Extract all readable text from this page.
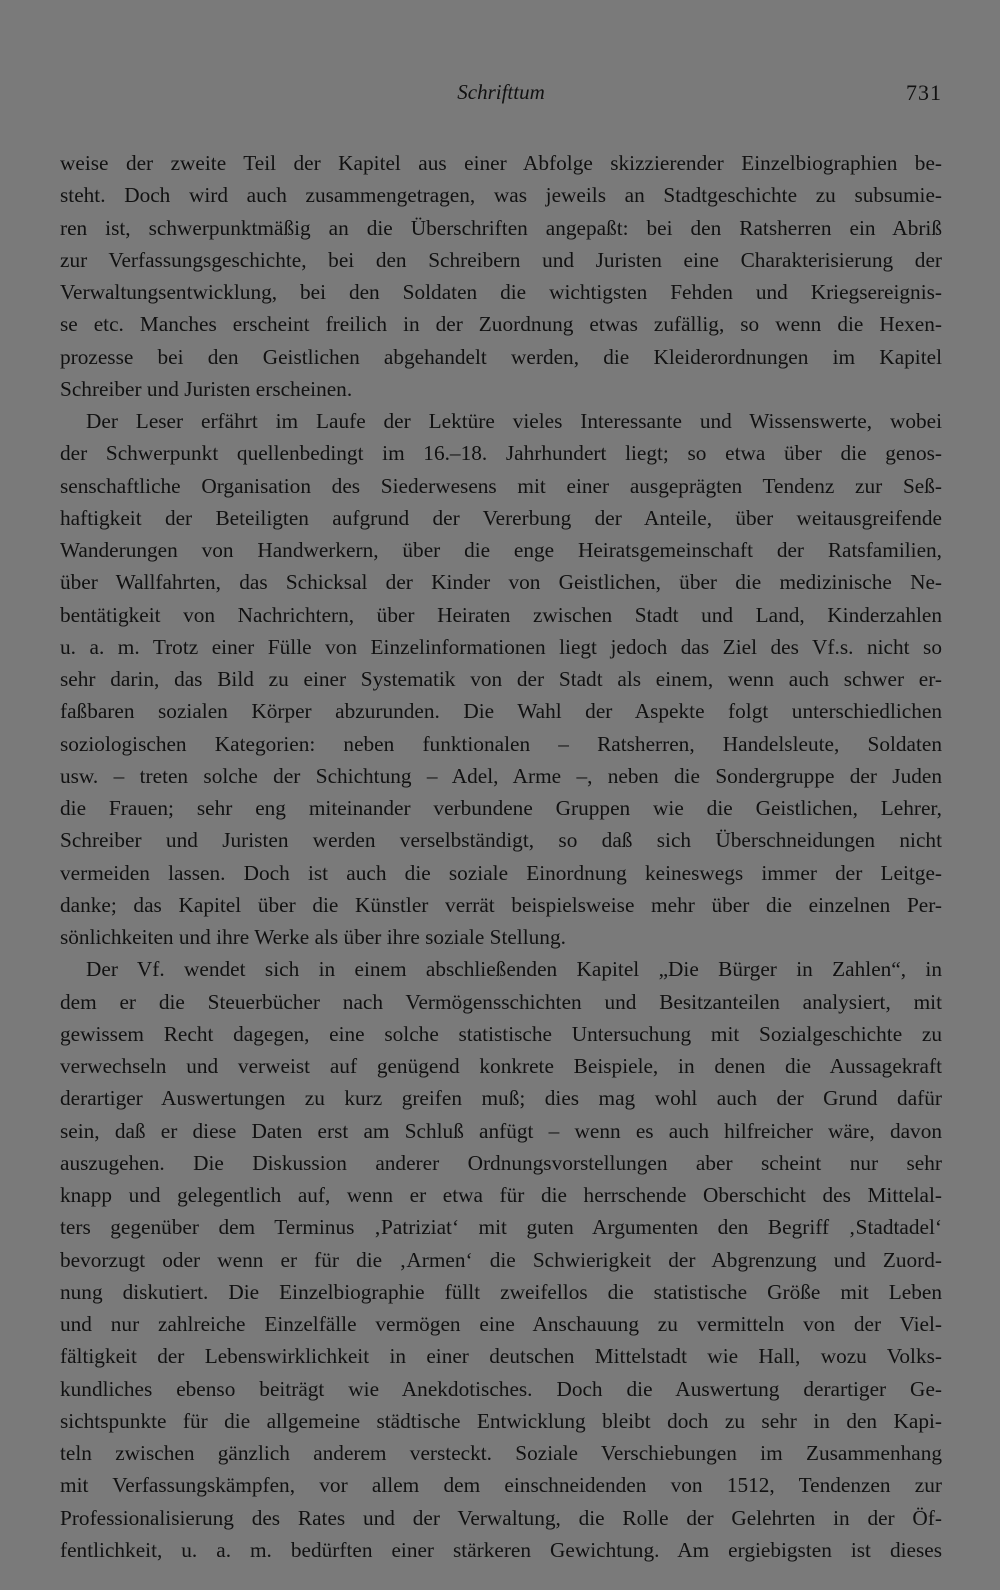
Schrifttum	731
weise der zweite Teil der Kapitel aus einer Abfolge skizzierender Einzelbiographien be-
steht. Doch wird auch zusammengetragen, was jeweils an Stadtgeschichte zu subsumie-
ren ist, schwerpunktmäßig an die Überschriften angepaßt: bei den Ratsherren ein Abriß
zur Verfassungsgeschichte, bei den Schreibern und Juristen eine Charakterisierung der
Verwaltungsentwicklung, bei den Soldaten die wichtigsten Fehden und Kriegsereignis-
se etc. Manches erscheint freilich in der Zuordnung etwas zufällig, so wenn die Hexen-
prozesse bei den Geistlichen abgehandelt werden, die Kleiderordnungen im Kapitel
Schreiber und Juristen erscheinen.
Der Leser erfährt im Laufe der Lektüre vieles Interessante und Wissenswerte, wobei
der Schwerpunkt quellenbedingt im 16.–18. Jahrhundert liegt; so etwa über die genos-
senschaftliche Organisation des Siederwesens mit einer ausgeprägten Tendenz zur Seß-
haftigkeit der Beteiligten aufgrund der Vererbung der Anteile, über weitausgreifende
Wanderungen von Handwerkern, über die enge Heiratsgemeinschaft der Ratsfamilien,
über Wallfahrten, das Schicksal der Kinder von Geistlichen, über die medizinische Ne-
bentätigkeit von Nachrichtern, über Heiraten zwischen Stadt und Land, Kinderzahlen
u. a. m. Trotz einer Fülle von Einzelinformationen liegt jedoch das Ziel des Vf.s. nicht so
sehr darin, das Bild zu einer Systematik von der Stadt als einem, wenn auch schwer er-
faßbaren sozialen Körper abzurunden. Die Wahl der Aspekte folgt unterschiedlichen
soziologischen Kategorien: neben funktionalen – Ratsherren, Handelsleute, Soldaten
usw. – treten solche der Schichtung – Adel, Arme –, neben die Sondergruppe der Juden
die Frauen; sehr eng miteinander verbundene Gruppen wie die Geistlichen, Lehrer,
Schreiber und Juristen werden verselbständigt, so daß sich Überschneidungen nicht
vermeiden lassen. Doch ist auch die soziale Einordnung keineswegs immer der Leitge-
danke; das Kapitel über die Künstler verrät beispielsweise mehr über die einzelnen Per-
sönlichkeiten und ihre Werke als über ihre soziale Stellung.
Der Vf. wendet sich in einem abschließenden Kapitel „Die Bürger in Zahlen“, in
dem er die Steuerbücher nach Vermögensschichten und Besitzanteilen analysiert, mit
gewissem Recht dagegen, eine solche statistische Untersuchung mit Sozialgeschichte zu
verwechseln und verweist auf genügend konkrete Beispiele, in denen die Aussagekraft
derartiger Auswertungen zu kurz greifen muß; dies mag wohl auch der Grund dafür
sein, daß er diese Daten erst am Schluß anfügt – wenn es auch hilfreicher wäre, davon
auszugehen. Die Diskussion anderer Ordnungsvorstellungen aber scheint nur sehr
knapp und gelegentlich auf, wenn er etwa für die herrschende Oberschicht des Mittelal-
ters gegenüber dem Terminus ‚Patriziat‘ mit guten Argumenten den Begriff ‚Stadtadel‘
bevorzugt oder wenn er für die ‚Armen‘ die Schwierigkeit der Abgrenzung und Zuord-
nung diskutiert. Die Einzelbiographie füllt zweifellos die statistische Größe mit Leben
und nur zahlreiche Einzelfälle vermögen eine Anschauung zu vermitteln von der Viel-
fältigkeit der Lebenswirklichkeit in einer deutschen Mittelstadt wie Hall, wozu Volks-
kundliches ebenso beiträgt wie Anekdotisches. Doch die Auswertung derartiger Ge-
sichtspunkte für die allgemeine städtische Entwicklung bleibt doch zu sehr in den Kapi-
teln zwischen gänzlich anderem versteckt. Soziale Verschiebungen im Zusammenhang
mit Verfassungskämpfen, vor allem dem einschneidenden von 1512, Tendenzen zur
Professionalisierung des Rates und der Verwaltung, die Rolle der Gelehrten in der Öf-
fentlichkeit, u. a. m. bedürften einer stärkeren Gewichtung. Am ergiebigsten ist dieses
